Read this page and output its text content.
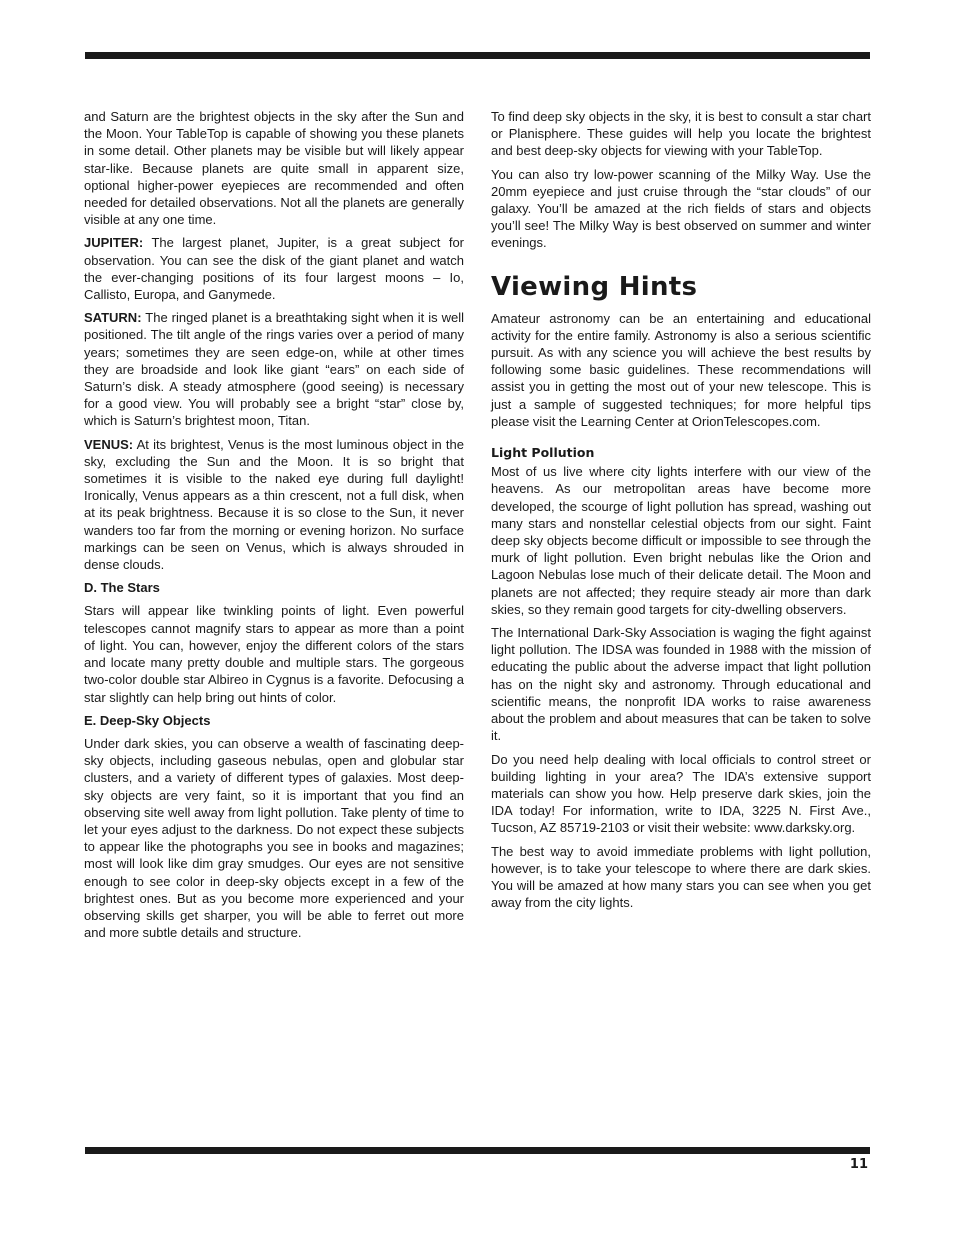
and Saturn are the brightest objects in the sky after the Sun and the Moon. Your TableTop is capable of showing you these planets in some detail. Other planets may be visible but will likely appear star-like. Because planets are quite small in apparent size, optional higher-power eyepieces are recommended and often needed for detailed observations. Not all the planets are generally visible at any one time.

JUPITER: The largest planet, Jupiter, is a great subject for observation. You can see the disk of the giant planet and watch the ever-changing positions of its four largest moons – Io, Callisto, Europa, and Ganymede.

SATURN: The ringed planet is a breathtaking sight when it is well positioned. The tilt angle of the rings varies over a period of many years; sometimes they are seen edge-on, while at other times they are broadside and look like giant “ears” on each side of Saturn’s disk. A steady atmosphere (good seeing) is necessary for a good view. You will probably see a bright “star” close by, which is Saturn’s brightest moon, Titan.

VENUS: At its brightest, Venus is the most luminous object in the sky, excluding the Sun and the Moon. It is so bright that sometimes it is visible to the naked eye during full daylight! Ironically, Venus appears as a thin crescent, not a full disk, when at its peak brightness. Because it is so close to the Sun, it never wanders too far from the morning or evening horizon. No surface markings can be seen on Venus, which is always shrouded in dense clouds.

D. The Stars

Stars will appear like twinkling points of light. Even powerful telescopes cannot magnify stars to appear as more than a point of light. You can, however, enjoy the different colors of the stars and locate many pretty double and multiple stars. The gorgeous two-color double star Albireo in Cygnus is a favorite. Defocusing a star slightly can help bring out hints of color.

E. Deep-Sky Objects

Under dark skies, you can observe a wealth of fascinating deep-sky objects, including gaseous nebulas, open and globular star clusters, and a variety of different types of galaxies. Most deep-sky objects are very faint, so it is important that you find an observing site well away from light pollution. Take plenty of time to let your eyes adjust to the darkness. Do not expect these subjects to appear like the photographs you see in books and magazines; most will look like dim gray smudges. Our eyes are not sensitive enough to see color in deep-sky objects except in a few of the brightest ones. But as you become more experienced and your observing skills get sharper, you will be able to ferret out more and more subtle details and structure.

To find deep sky objects in the sky, it is best to consult a star chart or Planisphere. These guides will help you locate the brightest and best deep-sky objects for viewing with your TableTop.

You can also try low-power scanning of the Milky Way. Use the 20mm eyepiece and just cruise through the “star clouds” of our galaxy. You’ll be amazed at the rich fields of stars and objects you’ll see! The Milky Way is best observed on summer and winter evenings.

Viewing Hints

Amateur astronomy can be an entertaining and educational activity for the entire family. Astronomy is also a serious scientific pursuit. As with any science you will achieve the best results by following some basic guidelines. These recommendations will assist you in getting the most out of your new telescope. This is just a sample of suggested techniques; for more helpful tips please visit the Learning Center at OrionTelescopes.com.

Light Pollution

Most of us live where city lights interfere with our view of the heavens. As our metropolitan areas have become more developed, the scourge of light pollution has spread, washing out many stars and nonstellar celestial objects from our sight. Faint deep sky objects become difficult or impossible to see through the murk of light pollution. Even bright nebulas like the Orion and Lagoon Nebulas lose much of their delicate detail. The Moon and planets are not affected; they require steady air more than dark skies, so they remain good targets for city-dwelling observers.

The International Dark-Sky Association is waging the fight against light pollution. The IDSA was founded in 1988 with the mission of educating the public about the adverse impact that light pollution has on the night sky and astronomy. Through educational and scientific means, the nonprofit IDA works to raise awareness about the problem and about measures that can be taken to solve it.

Do you need help dealing with local officials to control street or building lighting in your area? The IDA’s extensive support materials can show you how. Help preserve dark skies, join the IDA today! For information, write to IDA, 3225 N. First Ave., Tucson, AZ 85719-2103 or visit their website: www.darksky.org.

The best way to avoid immediate problems with light pollution, however, is to take your telescope to where there are dark skies. You will be amazed at how many stars you can see when you get away from the city lights.

11
